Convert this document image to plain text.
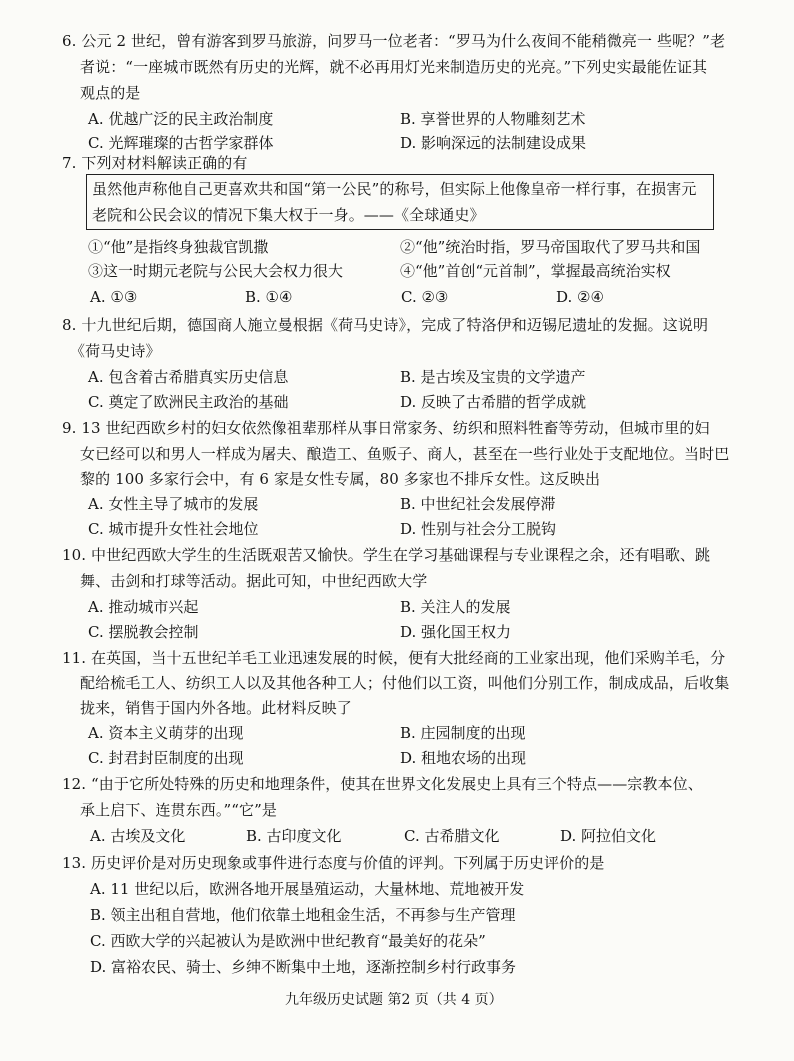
6. 公元 2 世纪，曾有游客到罗马旅游，问罗马一位老者：“罗马为什么夜间不能稍微亮一 些呢？”老
者说：“一座城市既然有历史的光辉，就不必再用灯光来制造历史的光亮。”下列史实最能佐证其
观点的是
A. 优越广泛的民主政治制度	B. 享誉世界的人物雕刻艺术
C. 光辉璀璨的古哲学家群体	D. 影响深远的法制建设成果
7. 下列对材料解读正确的有
虽然他声称他自己更喜欢共和国“第一公民”的称号，但实际上他像皇帝一样行事，在损害元
老院和公民会议的情况下集大权于一身。——《全球通史》
①“他”是指终身独裁官凯撒	②“他”统治时指，罗马帝国取代了罗马共和国
③这一时期元老院与公民大会权力很大	④“他”首创“元首制”，掌握最高统治实权
A. ①③	B. ①④	C. ②③	D. ②④
8. 十九世纪后期，德国商人施立曼根据《荷马史诗》，完成了特洛伊和迈锡尼遗址的发掘。这说明
《荷马史诗》
A. 包含着古希腊真实历史信息	B. 是古埃及宝贵的文学遗产
C. 奠定了欧洲民主政治的基础	D. 反映了古希腊的哲学成就
9. 13 世纪西欧乡村的妇女依然像祖辈那样从事日常家务、纺织和照料牲畜等劳动，但城市里的妇
女已经可以和男人一样成为屠夫、酿造工、鱼贩子、商人，甚至在一些行业处于支配地位。当时巴
黎的 100 多家行会中，有 6 家是女性专属，80 多家也不排斥女性。这反映出
A. 女性主导了城市的发展	B. 中世纪社会发展停滞
C. 城市提升女性社会地位	D. 性别与社会分工脱钩
10. 中世纪西欧大学生的生活既艰苦又愉快。学生在学习基础课程与专业课程之余，还有唱歌、跳
舞、击剑和打球等活动。据此可知，中世纪西欧大学
A. 推动城市兴起	B. 关注人的发展
C. 摆脱教会控制	D. 强化国王权力
11. 在英国，当十五世纪羊毛工业迅速发展的时候，便有大批经商的工业家出现，他们采购羊毛，分
配给梳毛工人、纺织工人以及其他各种工人；付他们以工资，叫他们分别工作，制成成品，后收集
拢来，销售于国内外各地。此材料反映了
A. 资本主义萌芽的出现	B. 庄园制度的出现
C. 封君封臣制度的出现	D. 租地农场的出现
12. “由于它所处特殊的历史和地理条件，使其在世界文化发展史上具有三个特点——宗教本位、
承上启下、连贯东西。”“它”是
A. 古埃及文化	B. 古印度文化	C. 古希腊文化	D. 阿拉伯文化
13. 历史评价是对历史现象或事件进行态度与价值的评判。下列属于历史评价的是
A. 11 世纪以后，欧洲各地开展垦殖运动，大量林地、荒地被开发
B. 领主出租自营地，他们依靠土地租金生活，不再参与生产管理
C. 西欧大学的兴起被认为是欧洲中世纪教育“最美好的花朵”
D. 富裕农民、骑士、乡绅不断集中土地，逐渐控制乡村行政事务
九年级历史试题 第2 页（共 4 页）
